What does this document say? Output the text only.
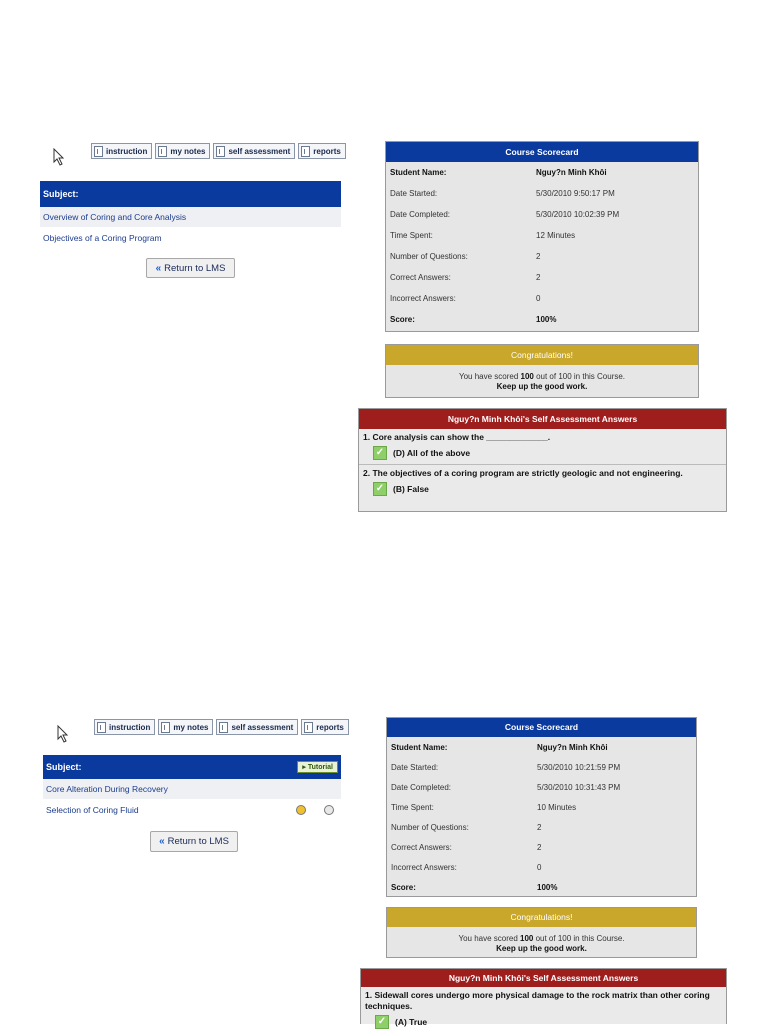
instruction	my notes	self assessment	reports
Subject:
Overview of Coring and Core Analysis
Objectives of a Coring Program
« Return to LMS
Course Scorecard
Student Name:	Nguy?n Minh Khôi
Date Started:	5/30/2010 9:50:17 PM
Date Completed:	5/30/2010 10:02:39 PM
Time Spent:	12 Minutes
Number of Questions:	2
Correct Answers:	2
Incorrect Answers:	0
Score:	100%
Congratulations!
You have scored 100 out of 100 in this Course.
Keep up the good work.
Nguy?n Minh Khôi's Self Assessment Answers
1. Core analysis can show the _____________.
✓	(D) All of the above
2. The objectives of a coring program are strictly geologic and not engineering.
✓	(B) False
instruction	my notes	self assessment	reports
Subject:	▸ Tutorial
Core Alteration During Recovery
Selection of Coring Fluid
« Return to LMS
Course Scorecard
Student Name:	Nguy?n Minh Khôi
Date Started:	5/30/2010 10:21:59 PM
Date Completed:	5/30/2010 10:31:43 PM
Time Spent:	10 Minutes
Number of Questions:	2
Correct Answers:	2
Incorrect Answers:	0
Score:	100%
Congratulations!
You have scored 100 out of 100 in this Course.
Keep up the good work.
Nguy?n Minh Khôi's Self Assessment Answers
1. Sidewall cores undergo more physical damage to the rock matrix than other coring techniques.
✓	(A) True
